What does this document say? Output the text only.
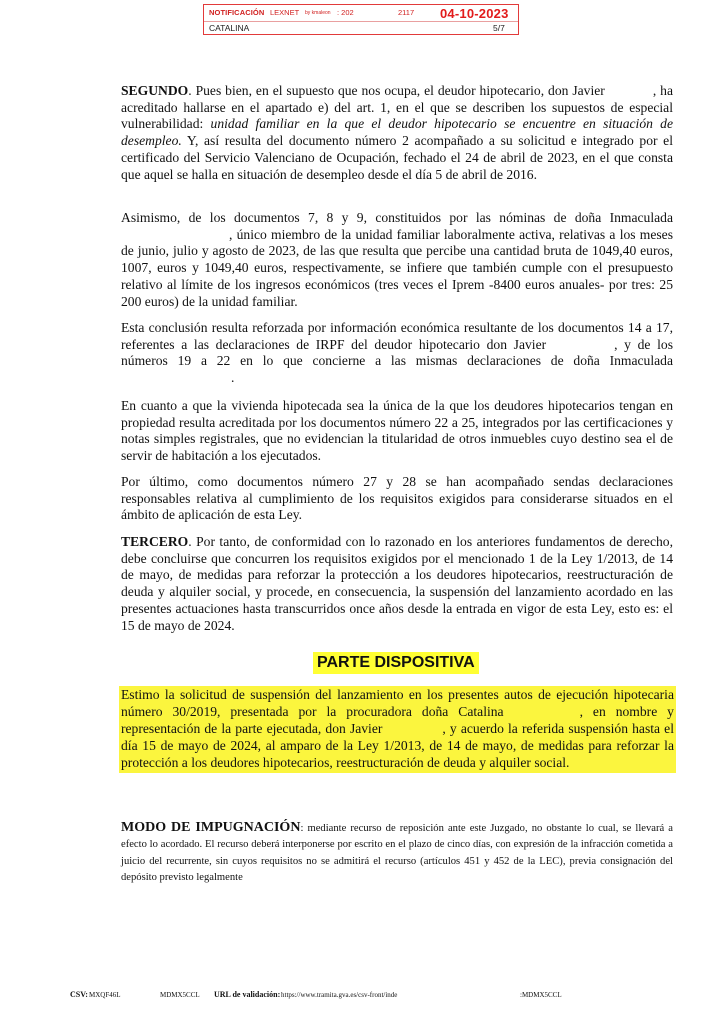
NOTIFICACIÓN LEXNET by kmaleon : 202	2117 04-10-2023
CATALINA	5/7

SEGUNDO. Pues bien, en el supuesto que nos ocupa, el deudor hipotecario, don Javier	, ha acreditado hallarse en el apartado e) del art. 1, en el que se describen los supuestos de especial vulnerabilidad: unidad familiar en la que el deudor hipotecario se encuentre en situación de desempleo. Y, así resulta del documento número 2 acompañado a su solicitud e integrado por el certificado del Servicio Valenciano de Ocupación, fechado el 24 de abril de 2023, en el que consta que aquel se halla en situación de desempleo desde el día 5 de abril de 2016.

Asimismo, de los documentos 7, 8 y 9, constituidos por las nóminas de doña Inmaculada , único miembro de la unidad familiar laboralmente activa, relativas a los meses de junio, julio y agosto de 2023, de las que resulta que percibe una cantidad bruta de 1049,40 euros, 1007, euros y 1049,40 euros, respectivamente, se infiere que también cumple con el presupuesto relativo al límite de los ingresos económicos (tres veces el Iprem -8400 euros anuales- por tres: 25 200 euros) de la unidad familiar.

Esta conclusión resulta reforzada por información económica resultante de los documentos 14 a 17, referentes a las declaraciones de IRPF del deudor hipotecario don Javier	, y de los números 19 a 22 en lo que concierne a las mismas declaraciones de doña Inmaculada .

En cuanto a que la vivienda hipotecada sea la única de la que los deudores hipotecarios tengan en propiedad resulta acreditada por los documentos número 22 a 25, integrados por las certificaciones y notas simples registrales, que no evidencian la titularidad de otros inmuebles cuyo destino sea el de servir de habitación a los ejecutados.

Por último, como documentos número 27 y 28 se han acompañado sendas declaraciones responsables relativa al cumplimiento de los requisitos exigidos para considerarse situados en el ámbito de aplicación de esta Ley.

TERCERO. Por tanto, de conformidad con lo razonado en los anteriores fundamentos de derecho, debe concluirse que concurren los requisitos exigidos por el mencionado 1 de la Ley 1/2013, de 14 de mayo, de medidas para reforzar la protección a los deudores hipotecarios, reestructuración de deuda y alquiler social, y procede, en consecuencia, la suspensión del lanzamiento acordado en las presentes actuaciones hasta transcurridos once años desde la entrada en vigor de esta Ley, esto es: el 15 de mayo de 2024.

PARTE DISPOSITIVA

Estimo la solicitud de suspensión del lanzamiento en los presentes autos de ejecución hipotecaria número 30/2019, presentada por la procuradora doña Catalina	, en nombre y representación de la parte ejecutada, don Javier	, y acuerdo la referida suspensión hasta el día 15 de mayo de 2024, al amparo de la Ley 1/2013, de 14 de mayo, de medidas para reforzar la protección a los deudores hipotecarios, reestructuración de deuda y alquiler social.

MODO DE IMPUGNACIÓN: mediante recurso de reposición ante este Juzgado, no obstante lo cual, se llevará a efecto lo acordado. El recurso deberá interponerse por escrito en el plazo de cinco días, con expresión de la infracción cometida a juicio del recurrente, sin cuyos requisitos no se admitirá el recurso (artículos 451 y 452 de la LEC), previa consignación del depósito previsto legalmente

CSV: MXQF46L	MDMX5CCL URL de validación: https://www.tramita.gva.es/csv-front/inde	:MDMX5CCL
